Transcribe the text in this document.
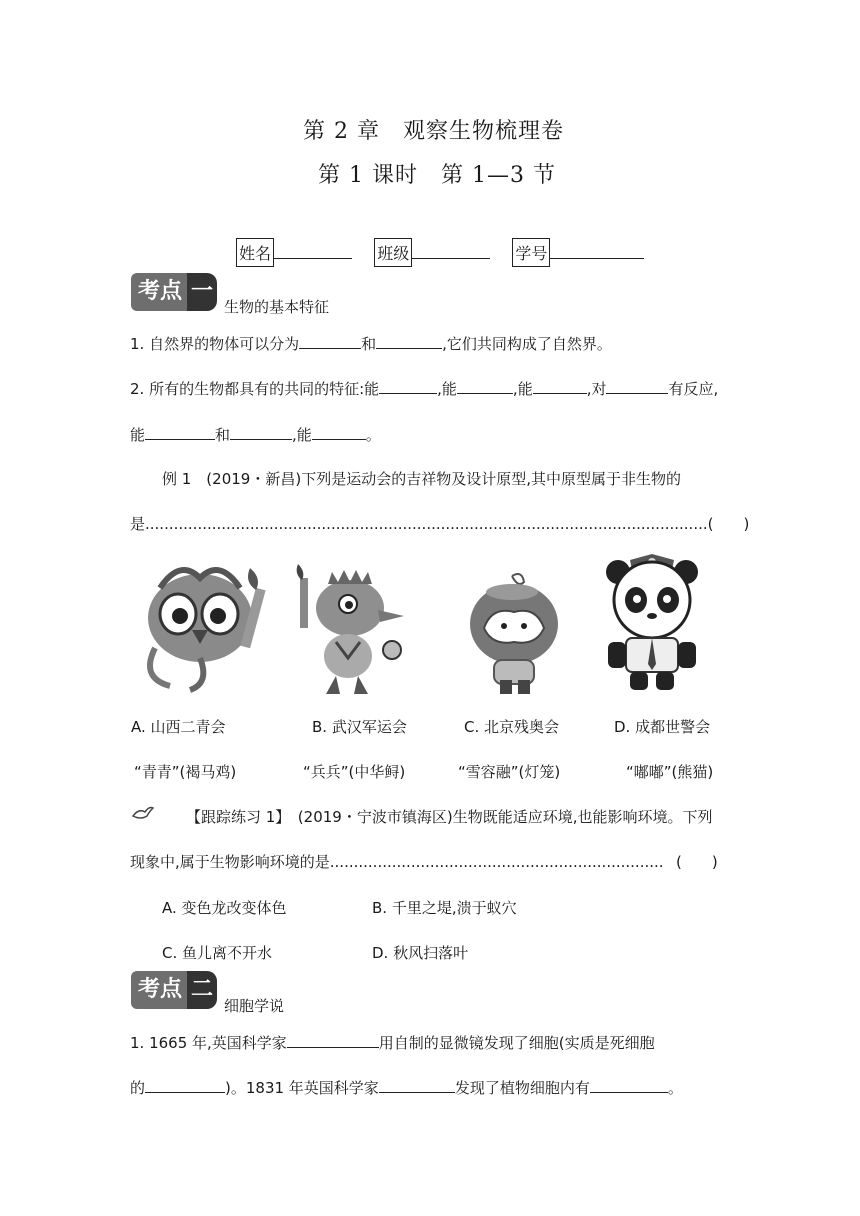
第 2 章　观察生物梳理卷
第 1 课时　第 1—3 节
姓名	班级	学号
考点 一
生物的基本特征
1. 自然界的物体可以分为	和	,它们共同构成了自然界。
2. 所有的生物都具有的共同的特征:能	,能	,能	,对	有反应,
能	和	,能	。
例 1　(2019・新昌)下列是运动会的吉祥物及设计原型,其中原型属于非生物的
是......................................................................................................................(　　)
A. 山西二青会	B. 武汉军运会	C. 北京残奥会	D. 成都世警会
“青青”(褐马鸡)	“兵兵”(中华鲟)	“雪容融”(灯笼)	“嘟嘟”(熊猫)
【跟踪练习 1】　(2019・宁波市镇海区)生物既能适应环境,也能影响环境。下列
现象中,属于生物影响环境的是...................................................................... (　　)
A. 变色龙改变体色	B. 千里之堤,溃于蚁穴
C. 鱼儿离不开水	D. 秋风扫落叶
考点 二
细胞学说
1. 1665 年,英国科学家	用自制的显微镜发现了细胞(实质是死细胞
的	)。1831 年英国科学家	发现了植物细胞内有	。
